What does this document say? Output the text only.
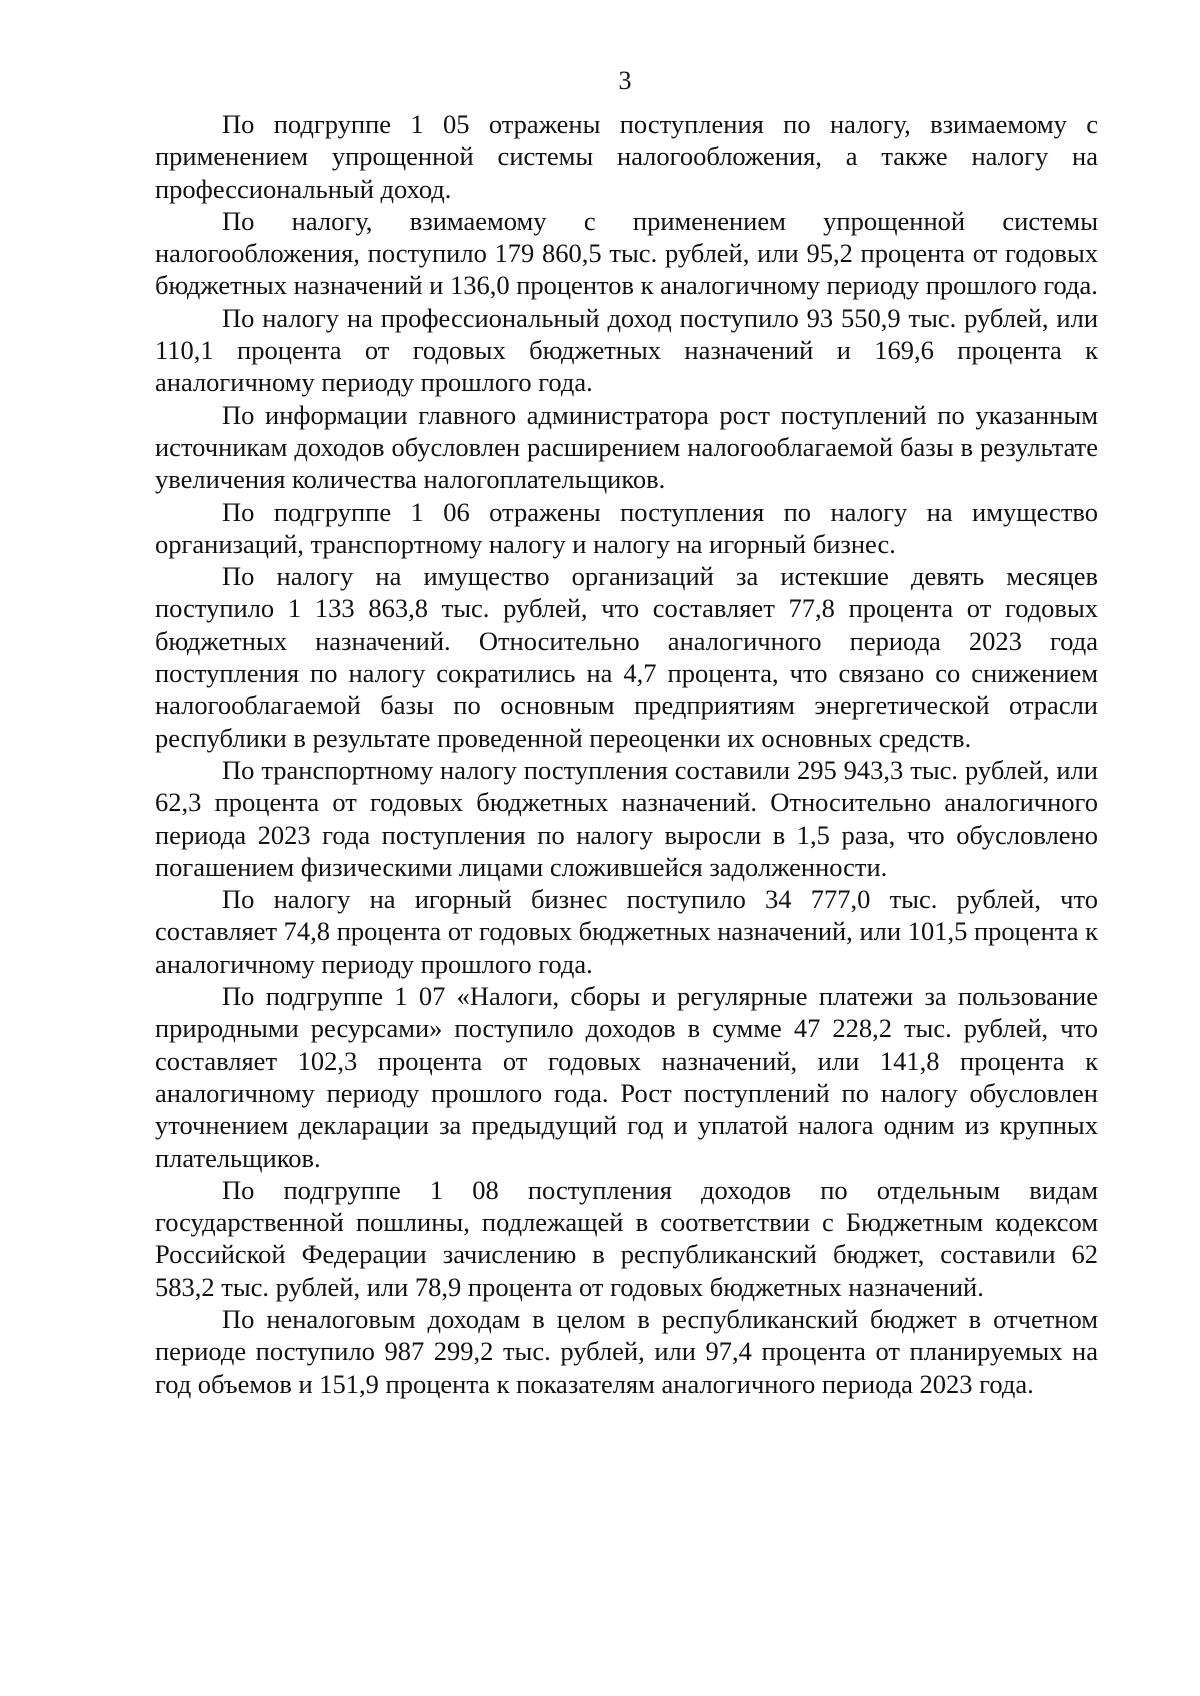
3

По подгруппе 1 05 отражены поступления по налогу, взимаемому с применением упрощенной системы налогообложения, а также налогу на профессиональный доход.

По налогу, взимаемому с применением упрощенной системы налогообложения, поступило 179 860,5 тыс. рублей, или 95,2 процента от годовых бюджетных назначений и 136,0 процентов к аналогичному периоду прошлого года.

По налогу на профессиональный доход поступило 93 550,9 тыс. рублей, или 110,1 процента от годовых бюджетных назначений и 169,6 процента к аналогичному периоду прошлого года.

По информации главного администратора рост поступлений по указанным источникам доходов обусловлен расширением налогооблагаемой базы в результате увеличения количества налогоплательщиков.

По подгруппе 1 06 отражены поступления по налогу на имущество организаций, транспортному налогу и налогу на игорный бизнес.

По налогу на имущество организаций за истекшие девять месяцев поступило 1 133 863,8 тыс. рублей, что составляет 77,8 процента от годовых бюджетных назначений. Относительно аналогичного периода 2023 года поступления по налогу сократились на 4,7 процента, что связано со снижением налогооблагаемой базы по основным предприятиям энергетической отрасли республики в результате проведенной переоценки их основных средств.

По транспортному налогу поступления составили 295 943,3 тыс. рублей, или 62,3 процента от годовых бюджетных назначений. Относительно аналогичного периода 2023 года поступления по налогу выросли в 1,5 раза, что обусловлено погашением физическими лицами сложившейся задолженности.

По налогу на игорный бизнес поступило 34 777,0 тыс. рублей, что составляет 74,8 процента от годовых бюджетных назначений, или 101,5 процента к аналогичному периоду прошлого года.

По подгруппе 1 07 «Налоги, сборы и регулярные платежи за пользование природными ресурсами» поступило доходов в сумме 47 228,2 тыс. рублей, что составляет 102,3 процента от годовых назначений, или 141,8 процента к аналогичному периоду прошлого года. Рост поступлений по налогу обусловлен уточнением декларации за предыдущий год и уплатой налога одним из крупных плательщиков.

По подгруппе 1 08 поступления доходов по отдельным видам государственной пошлины, подлежащей в соответствии с Бюджетным кодексом Российской Федерации зачислению в республиканский бюджет, составили 62 583,2 тыс. рублей, или 78,9 процента от годовых бюджетных назначений.

По неналоговым доходам в целом в республиканский бюджет в отчетном периоде поступило 987 299,2 тыс. рублей, или 97,4 процента от планируемых на год объемов и 151,9 процента к показателям аналогичного периода 2023 года.
